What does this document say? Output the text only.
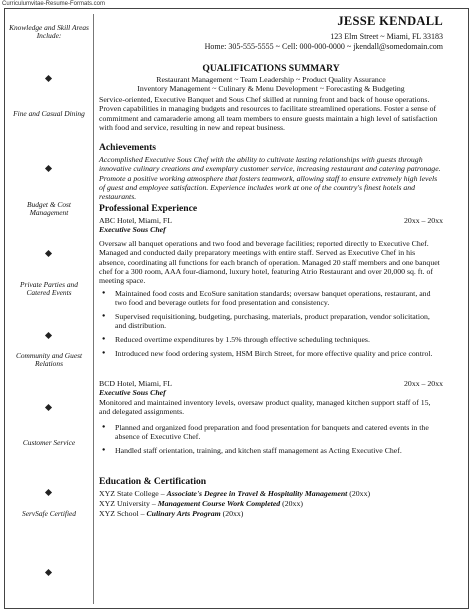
Curriculumvitae-Resume-Formats.com
Knowledge and Skill Areas Include:
Fine and Casual Dining
Budget & Cost Management
Private Parties and Catered Events
Community and Guest Relations
Customer Service
ServSafe Certified
JESSE KENDALL
123 Elm Street ~ Miami, FL 33183
Home: 305-555-5555 ~ Cell: 000-000-0000 ~ jkendall@somedomain.com
QUALIFICATIONS SUMMARY
Restaurant Management ~ Team Leadership ~ Product Quality Assurance
Inventory Management ~ Culinary & Menu Development ~ Forecasting & Budgeting
Service-oriented, Executive Banquet and Sous Chef skilled at running front and back of house operations. Proven capabilities in managing budgets and resources to facilitate streamlined operations. Foster a sense of commitment and camaraderie among all team members to ensure guests maintain a high level of satisfaction with food and service, resulting in new and repeat business.
Achievements
Accomplished Executive Sous Chef with the ability to cultivate lasting relationships with guests through innovative culinary creations and exemplary customer service, increasing restaurant and catering patronage. Promote a positive working atmosphere that fosters teamwork, allowing staff to ensure extremely high levels of guest and employee satisfaction. Experience includes work at one of the country's finest hotels and restaurants.
Professional Experience
ABC Hotel, Miami, FL	20xx – 20xx
Executive Sous Chef
Oversaw all banquet operations and two food and beverage facilities; reported directly to Executive Chef. Managed and conducted daily preparatory meetings with entire staff. Served as Executive Chef in his absence, coordinating all functions for each branch of operation. Managed 20 staff members and one banquet chef for a 300 room, AAA four-diamond, luxury hotel, featuring Atrio Restaurant and over 20,000 sq. ft. of meeting space.
● Maintained food costs and EcoSure sanitation standards; oversaw banquet operations, restaurant, and two food and beverage outlets for food presentation and consistency.
● Supervised requisitioning, budgeting, purchasing, materials, product preparation, vendor solicitation, and distribution.
● Reduced overtime expenditures by 1.5% through effective scheduling techniques.
● Introduced new food ordering system, HSM Birch Street, for more effective quality and price control.
BCD Hotel, Miami, FL	20xx – 20xx
Executive Sous Chef
Monitored and maintained inventory levels, oversaw product quality, managed kitchen support staff of 15, and delegated assignments.
● Planned and organized food preparation and food presentation for banquets and catered events in the absence of Executive Chef.
● Handled staff orientation, training, and kitchen staff management as Acting Executive Chef.
Education & Certification
XYZ State College – Associate's Degree in Travel & Hospitality Management (20xx)
XYZ University – Management Course Work Completed (20xx)
XYZ School – Culinary Arts Program (20xx)
